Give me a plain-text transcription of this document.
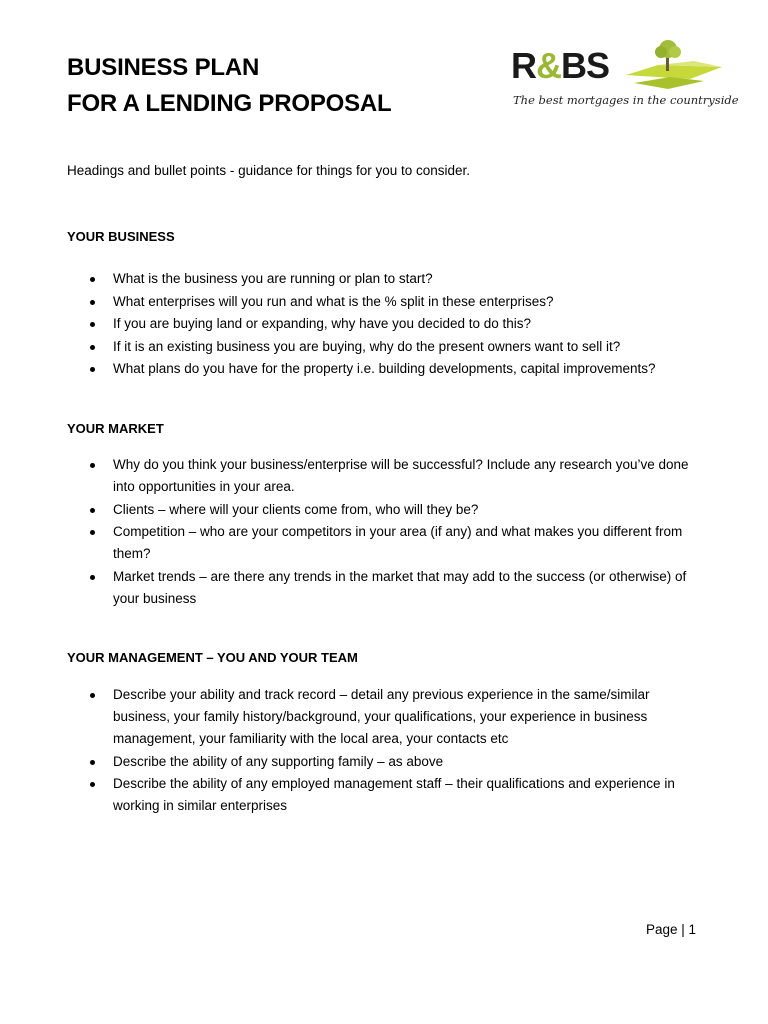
BUSINESS PLAN
FOR A LENDING PROPOSAL
R&BS
The best mortgages in the countryside
Headings and bullet points - guidance for things for you to consider.
YOUR BUSINESS
What is the business you are running or plan to start?
What enterprises will you run and what is the % split in these enterprises?
If you are buying land or expanding, why have you decided to do this?
If it is an existing business you are buying, why do the present owners want to sell it?
What plans do you have for the property i.e. building developments, capital improvements?
YOUR MARKET
Why do you think your business/enterprise will be successful? Include any research you’ve done into opportunities in your area.
Clients – where will your clients come from, who will they be?
Competition – who are your competitors in your area (if any) and what makes you different from them?
Market trends – are there any trends in the market that may add to the success (or otherwise) of your business
YOUR MANAGEMENT – YOU AND YOUR TEAM
Describe your ability and track record – detail any previous experience in the same/similar business, your family history/background, your qualifications, your experience in business management, your familiarity with the local area, your contacts etc
Describe the ability of any supporting family – as above
Describe the ability of any employed management staff – their qualifications and experience in working in similar enterprises
Page | 1
